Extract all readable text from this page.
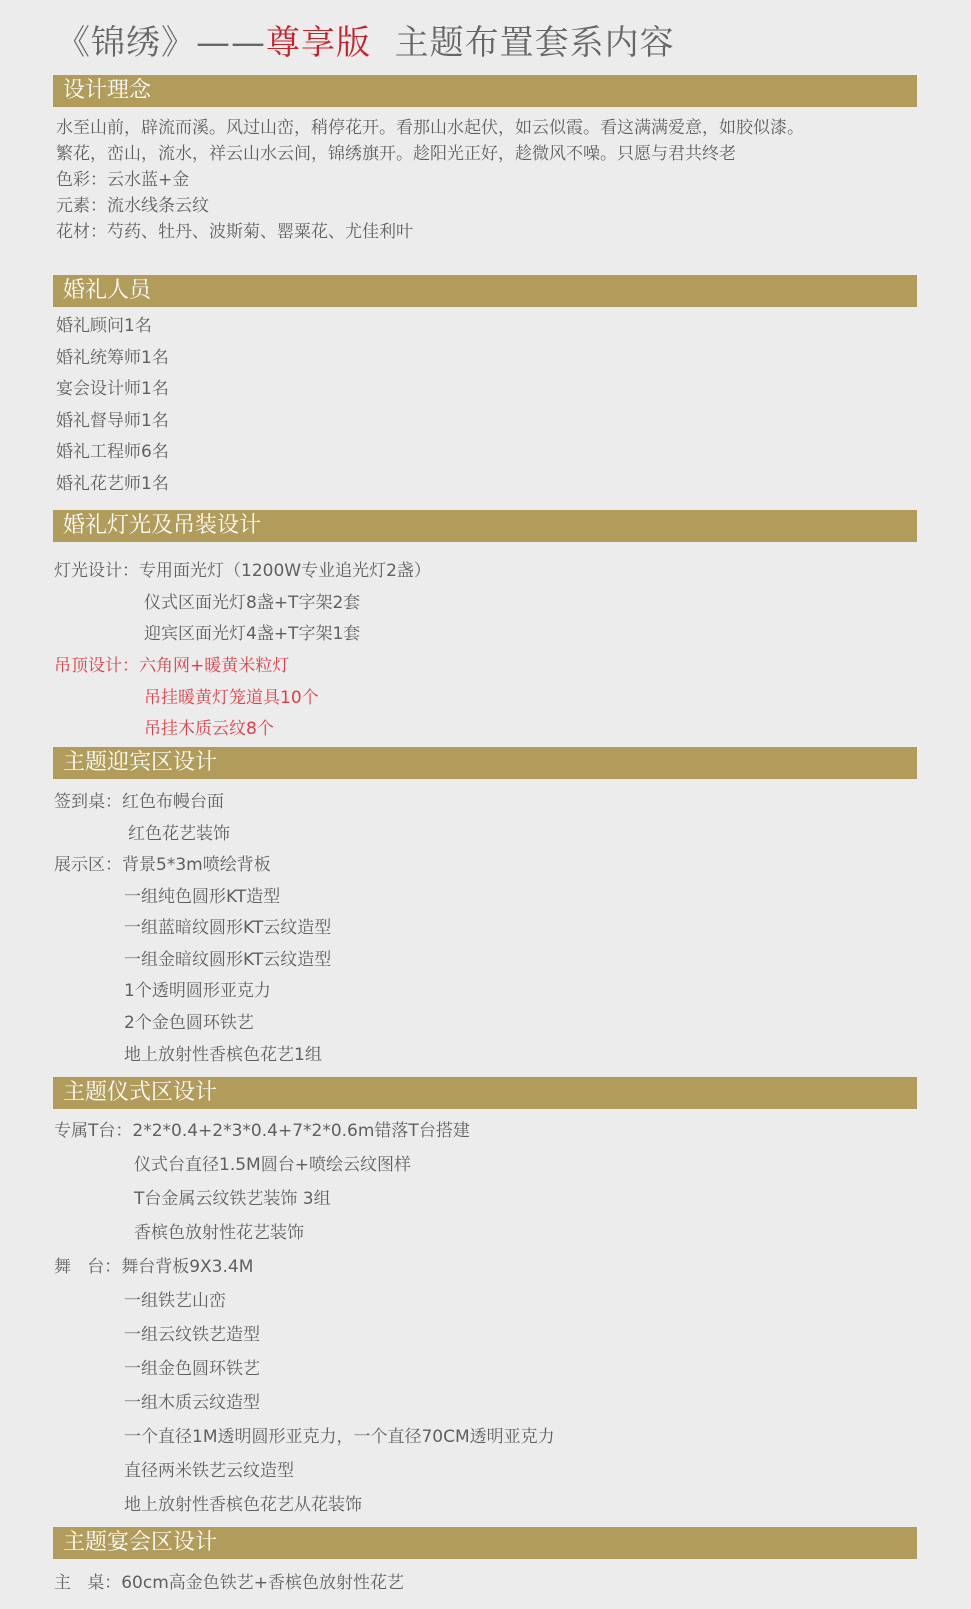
《锦绣》——尊享版  主题布置套系内容
设计理念
水至山前，辟流而溪。风过山峦，稍停花开。看那山水起伏，如云似霞。看这满满爱意，如胶似漆。
繁花，峦山，流水，祥云山水云间，锦绣旗开。趁阳光正好，趁微风不噪。只愿与君共终老
色彩：云水蓝+金
元素：流水线条云纹
花材：芍药、牡丹、波斯菊、罂粟花、尤佳利叶
婚礼人员
婚礼顾问1名
婚礼统筹师1名
宴会设计师1名
婚礼督导师1名
婚礼工程师6名
婚礼花艺师1名
婚礼灯光及吊装设计
灯光设计：专用面光灯（1200W专业追光灯2盏）
仪式区面光灯8盏+T字架2套
迎宾区面光灯4盏+T字架1套
吊顶设计：六角网+暖黄米粒灯
吊挂暖黄灯笼道具10个
吊挂木质云纹8个
主题迎宾区设计
签到桌：红色布幔台面
红色花艺装饰
展示区：背景5*3m喷绘背板
一组纯色圆形KT造型
一组蓝暗纹圆形KT云纹造型
一组金暗纹圆形KT云纹造型
1个透明圆形亚克力
2个金色圆环铁艺
地上放射性香槟色花艺1组
主题仪式区设计
专属T台：2*2*0.4+2*3*0.4+7*2*0.6m错落T台搭建
仪式台直径1.5M圆台+喷绘云纹图样
T台金属云纹铁艺装饰 3组
香槟色放射性花艺装饰
舞   台：舞台背板9X3.4M
一组铁艺山峦
一组云纹铁艺造型
一组金色圆环铁艺
一组木质云纹造型
一个直径1M透明圆形亚克力，一个直径70CM透明亚克力
直径两米铁艺云纹造型
地上放射性香槟色花艺从花装饰
主题宴会区设计
主   桌：60cm高金色铁艺+香槟色放射性花艺
